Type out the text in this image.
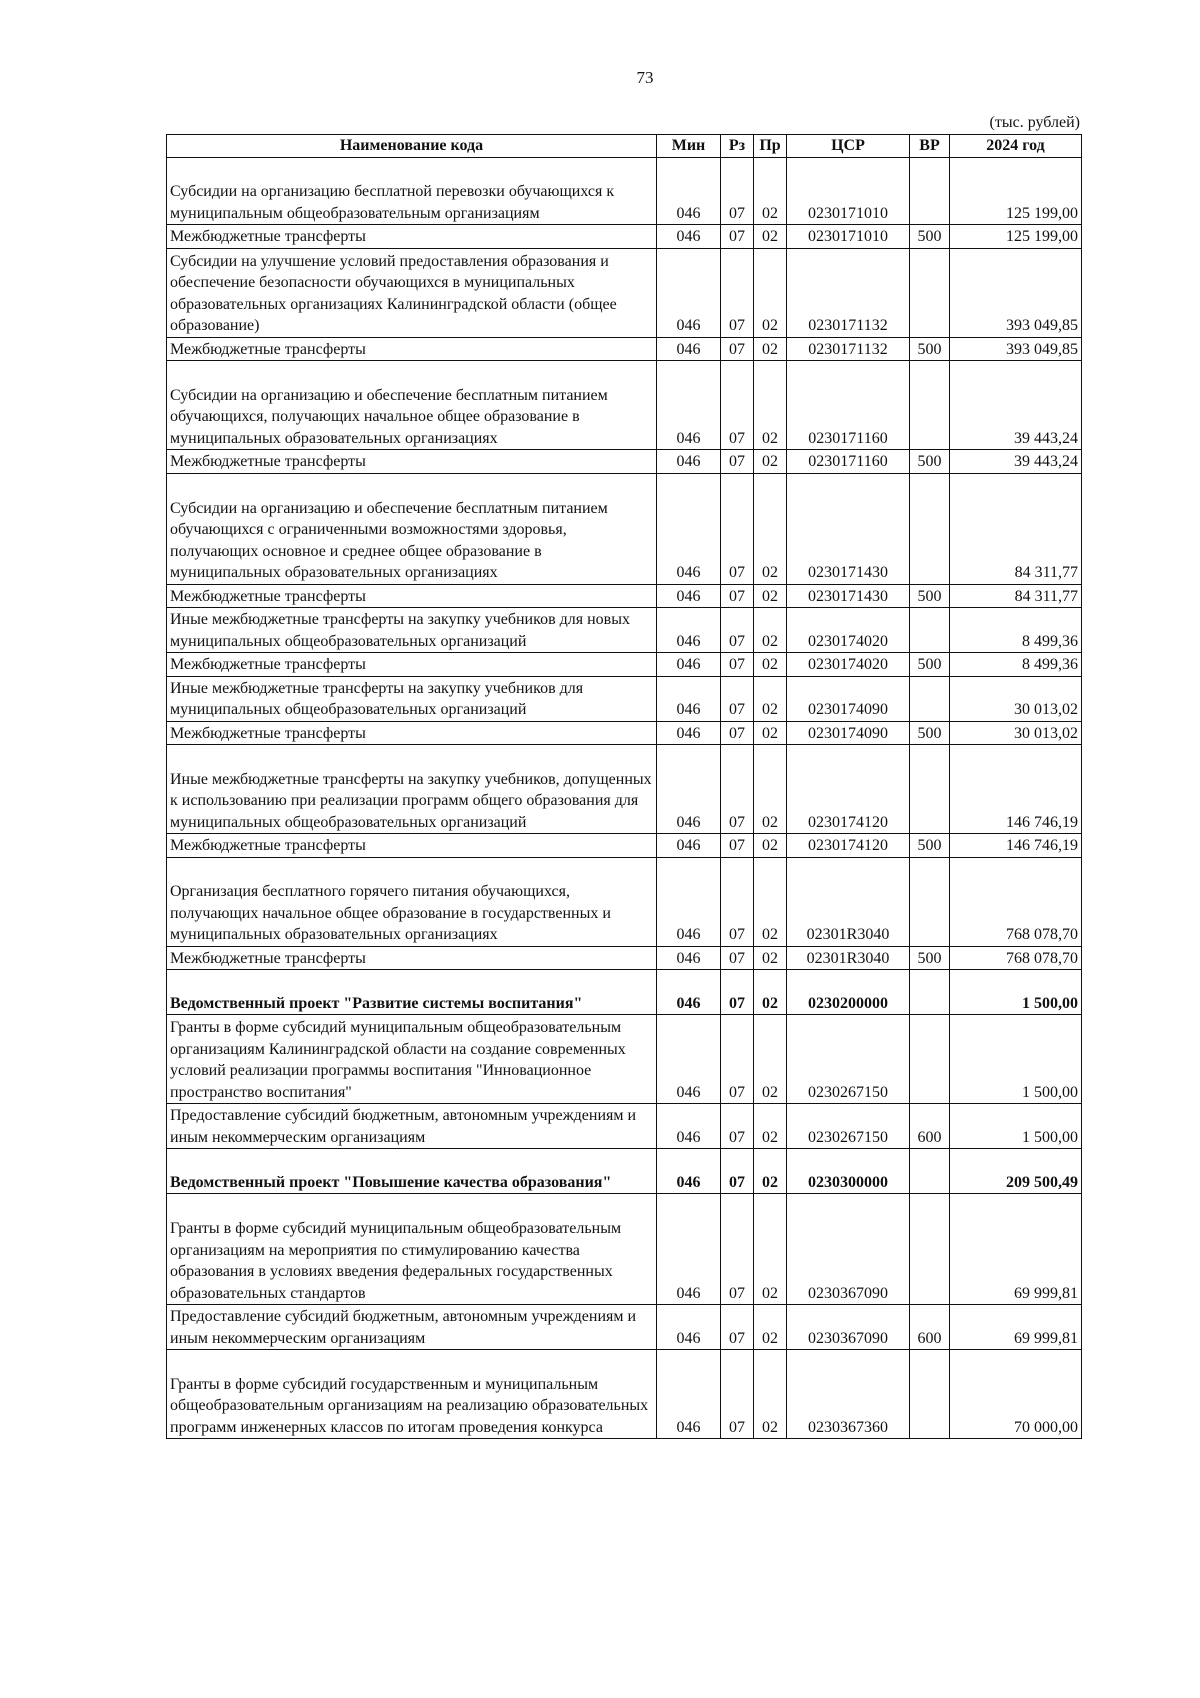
73
(тыс. рублей)
Наименование кода	Мин	Рз	Пр	ЦСР	ВР	2024 год
Субсидии на организацию бесплатной перевозки обучающихся к муниципальным общеобразовательным организациям	046	07	02	0230171010		125 199,00
Межбюджетные трансферты	046	07	02	0230171010	500	125 199,00
Субсидии на улучшение условий предоставления образования и обеспечение безопасности обучающихся в муниципальных образовательных организациях Калининградской области (общее образование)	046	07	02	0230171132		393 049,85
Межбюджетные трансферты	046	07	02	0230171132	500	393 049,85
Субсидии на организацию и обеспечение бесплатным питанием обучающихся, получающих начальное общее образование в муниципальных образовательных организациях	046	07	02	0230171160		39 443,24
Межбюджетные трансферты	046	07	02	0230171160	500	39 443,24
Субсидии на организацию и обеспечение бесплатным питанием обучающихся с ограниченными возможностями здоровья, получающих основное и среднее общее образование в муниципальных образовательных организациях	046	07	02	0230171430		84 311,77
Межбюджетные трансферты	046	07	02	0230171430	500	84 311,77
Иные межбюджетные трансферты на закупку учебников для новых муниципальных общеобразовательных организаций	046	07	02	0230174020		8 499,36
Межбюджетные трансферты	046	07	02	0230174020	500	8 499,36
Иные межбюджетные трансферты на закупку учебников для муниципальных общеобразовательных организаций	046	07	02	0230174090		30 013,02
Межбюджетные трансферты	046	07	02	0230174090	500	30 013,02
Иные межбюджетные трансферты на закупку учебников, допущенных к использованию при реализации программ общего образования для муниципальных общеобразовательных организаций	046	07	02	0230174120		146 746,19
Межбюджетные трансферты	046	07	02	0230174120	500	146 746,19
Организация бесплатного горячего питания обучающихся, получающих начальное общее образование в государственных и муниципальных образовательных организациях	046	07	02	02301R3040		768 078,70
Межбюджетные трансферты	046	07	02	02301R3040	500	768 078,70
Ведомственный проект "Развитие системы воспитания"	046	07	02	0230200000		1 500,00
Гранты в форме субсидий муниципальным общеобразовательным организациям Калининградской области на создание современных условий реализации программы воспитания "Инновационное пространство воспитания"	046	07	02	0230267150		1 500,00
Предоставление субсидий бюджетным, автономным учреждениям и иным некоммерческим организациям	046	07	02	0230267150	600	1 500,00
Ведомственный проект "Повышение качества образования"	046	07	02	0230300000		209 500,49
Гранты в форме субсидий муниципальным общеобразовательным организациям на мероприятия по стимулированию качества образования в условиях введения федеральных государственных образовательных стандартов	046	07	02	0230367090		69 999,81
Предоставление субсидий бюджетным, автономным учреждениям и иным некоммерческим организациям	046	07	02	0230367090	600	69 999,81
Гранты в форме субсидий государственным и муниципальным общеобразовательным организациям на реализацию образовательных программ инженерных классов по итогам проведения конкурса	046	07	02	0230367360		70 000,00
